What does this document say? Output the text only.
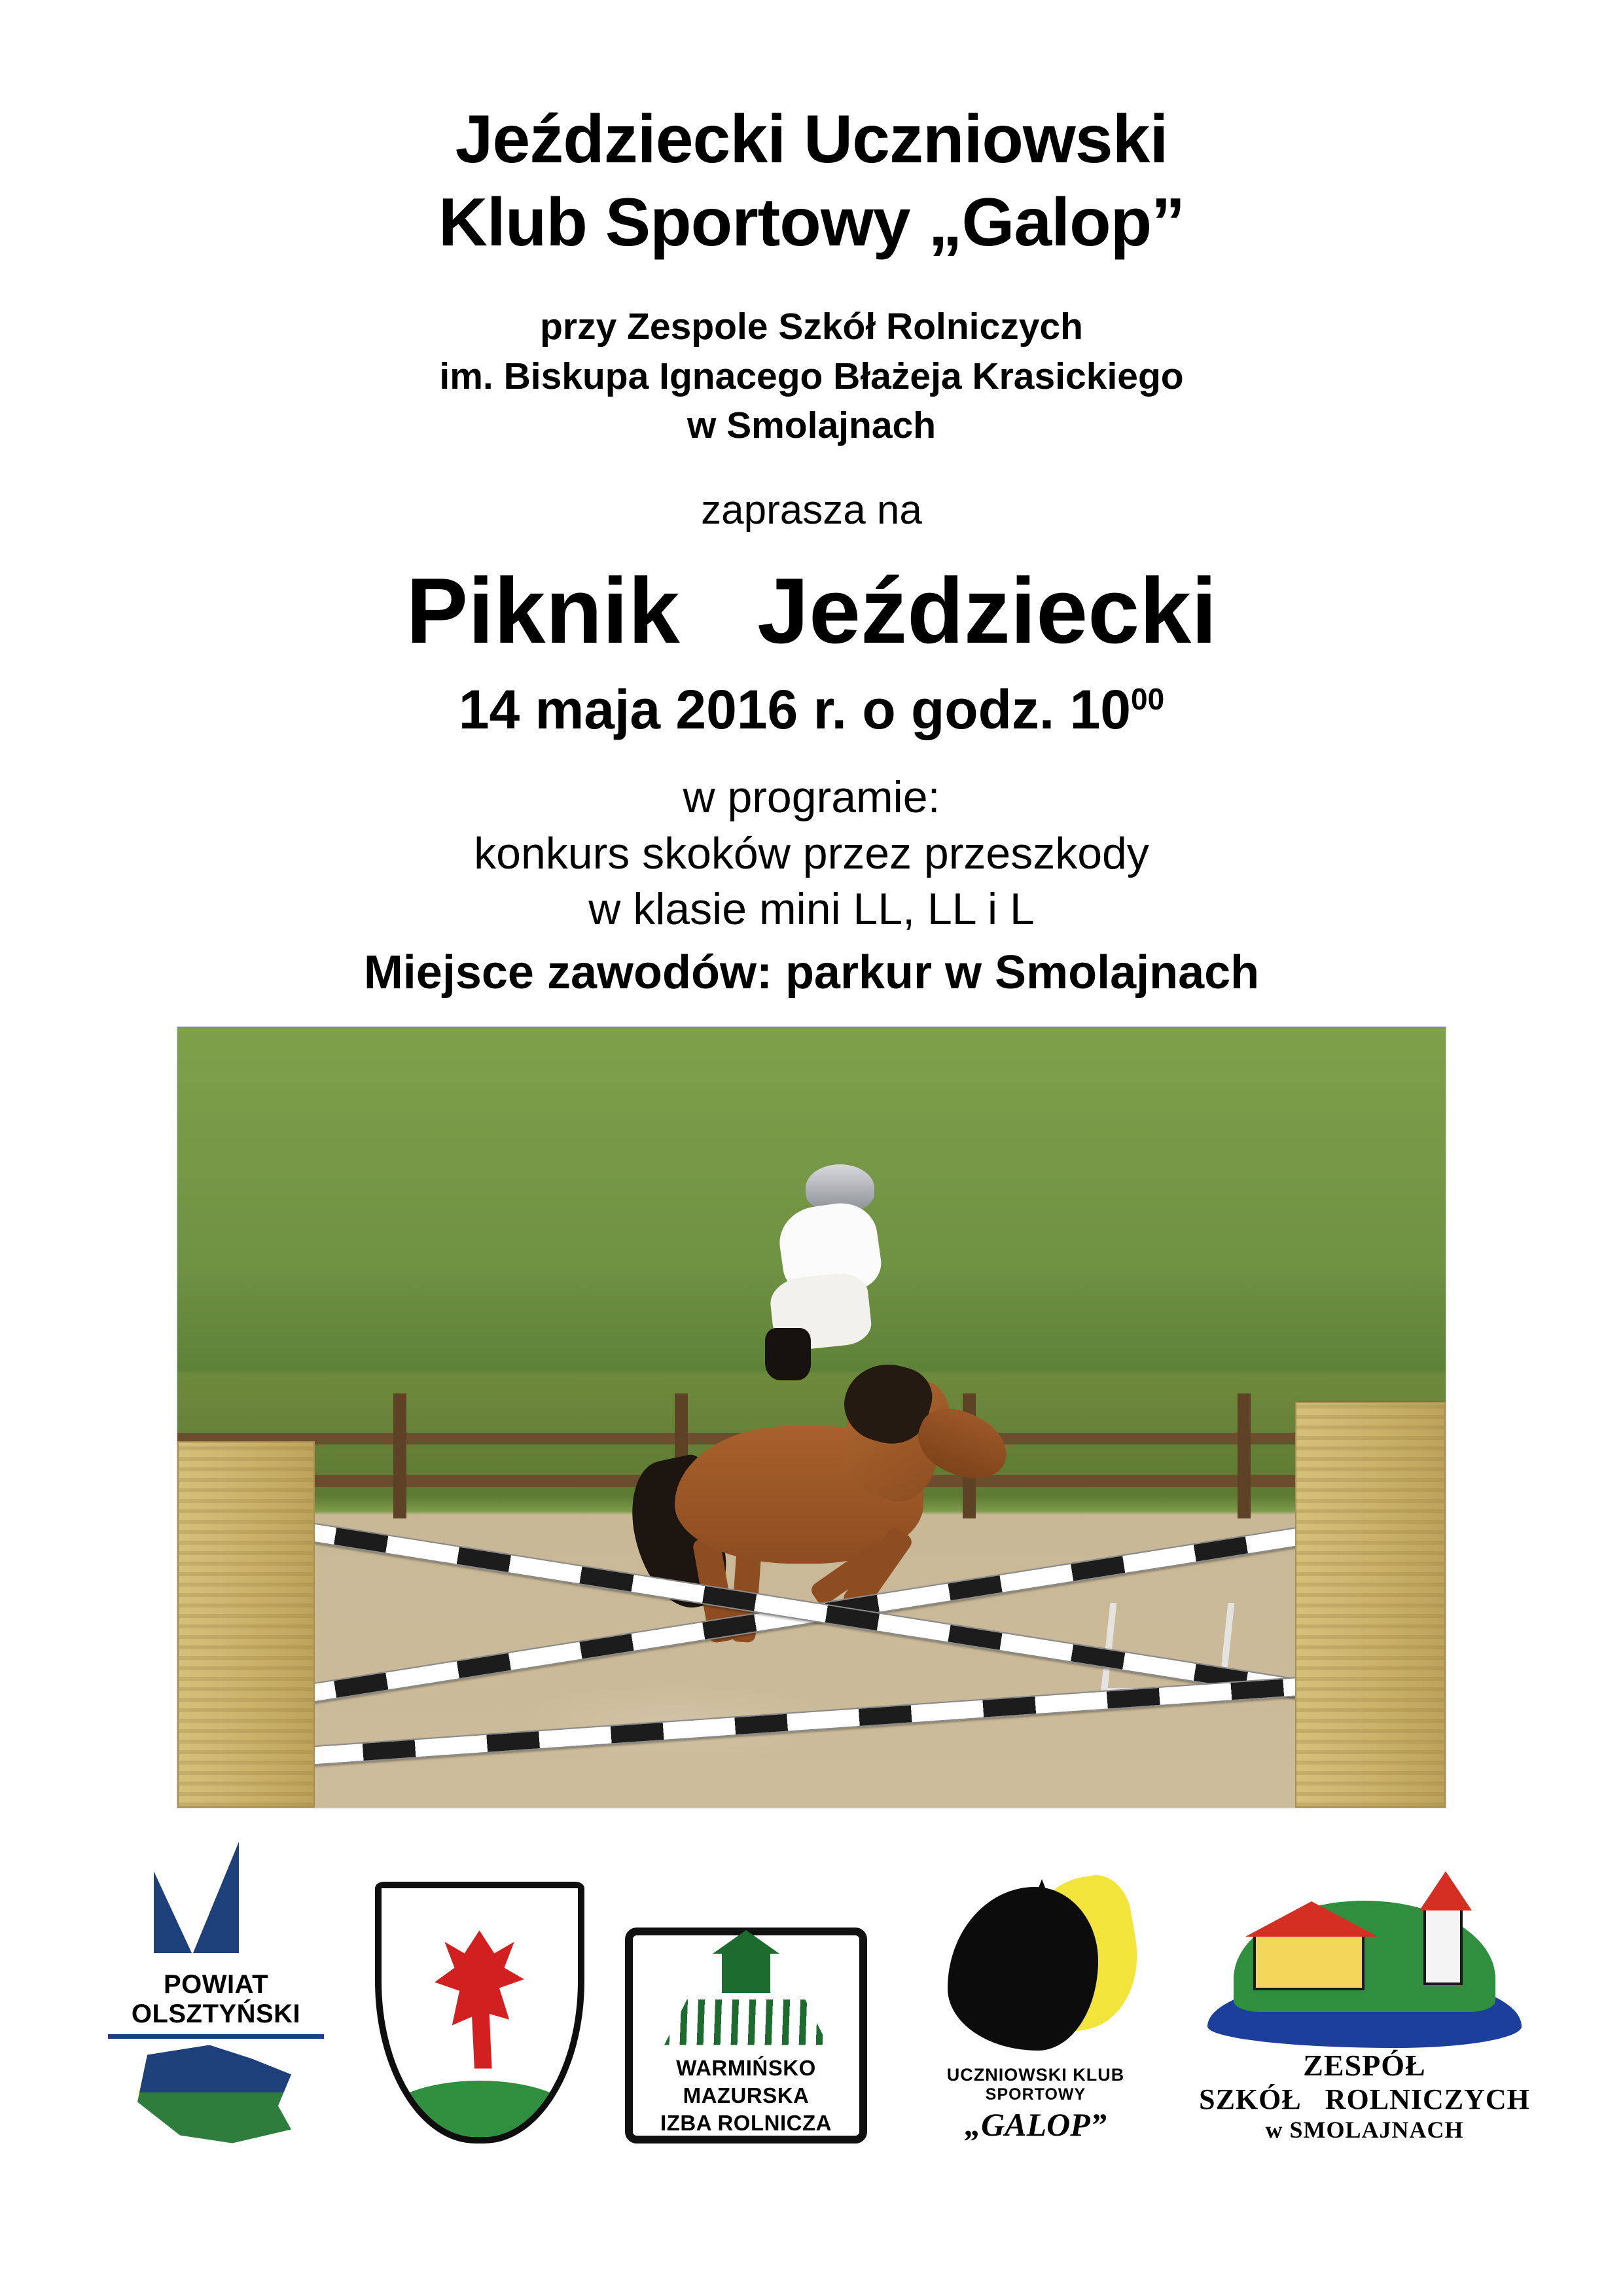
Jeździecki Uczniowski
Klub Sportowy „Galop”
przy Zespole Szkół Rolniczych
im. Biskupa Ignacego Błażeja Krasickiego
w Smolajnach
zaprasza na
Piknik   Jeździecki
14 maja 2016 r. o godz. $10^{00}$
w programie:
konkurs skoków przez przeszkody
w klasie mini LL, LL i L
Miejsce zawodów: parkur w Smolajnach
POWIAT OLSZTYŃSKI
WARMIŃSKO
MAZURSKA
IZBA ROLNICZA
UCZNIOWSKI KLUB
SPORTOWY
„GALOP”
ZESPÓŁ
SZKÓŁ   ROLNICZYCH
w SMOLAJNACH
